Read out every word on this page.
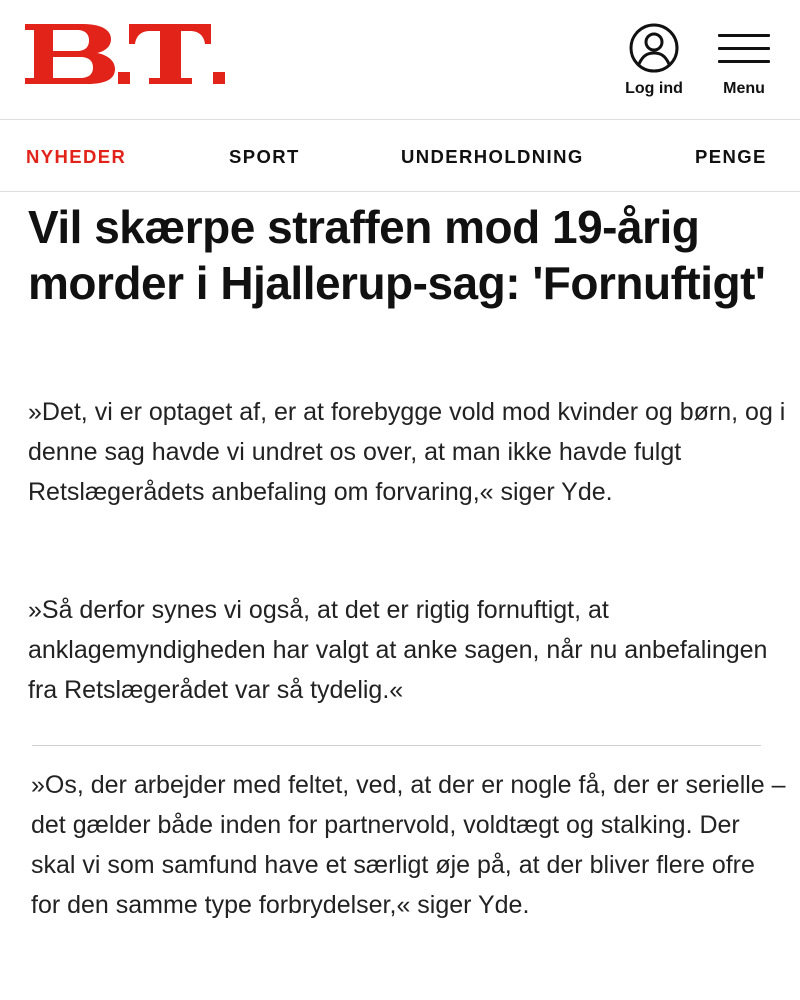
Log ind	Menu
NYHEDER	SPORT	UNDERHOLDNING	PENGE
Vil skærpe straffen mod 19-årig morder i Hjallerup-sag: 'Fornuftigt'

»Det, vi er optaget af, er at forebygge vold mod kvinder og børn, og i denne sag havde vi undret os over, at man ikke havde fulgt Retslægerådets anbefaling om forvaring,« siger Yde.

»Så derfor synes vi også, at det er rigtig fornuftigt, at anklagemyndigheden har valgt at anke sagen, når nu anbefalingen fra Retslægerådet var så tydelig.«

»Os, der arbejder med feltet, ved, at der er nogle få, der er serielle – det gælder både inden for partnervold, voldtægt og stalking. Der skal vi som samfund have et særligt øje på, at der bliver flere ofre for den samme type forbrydelser,« siger Yde.
